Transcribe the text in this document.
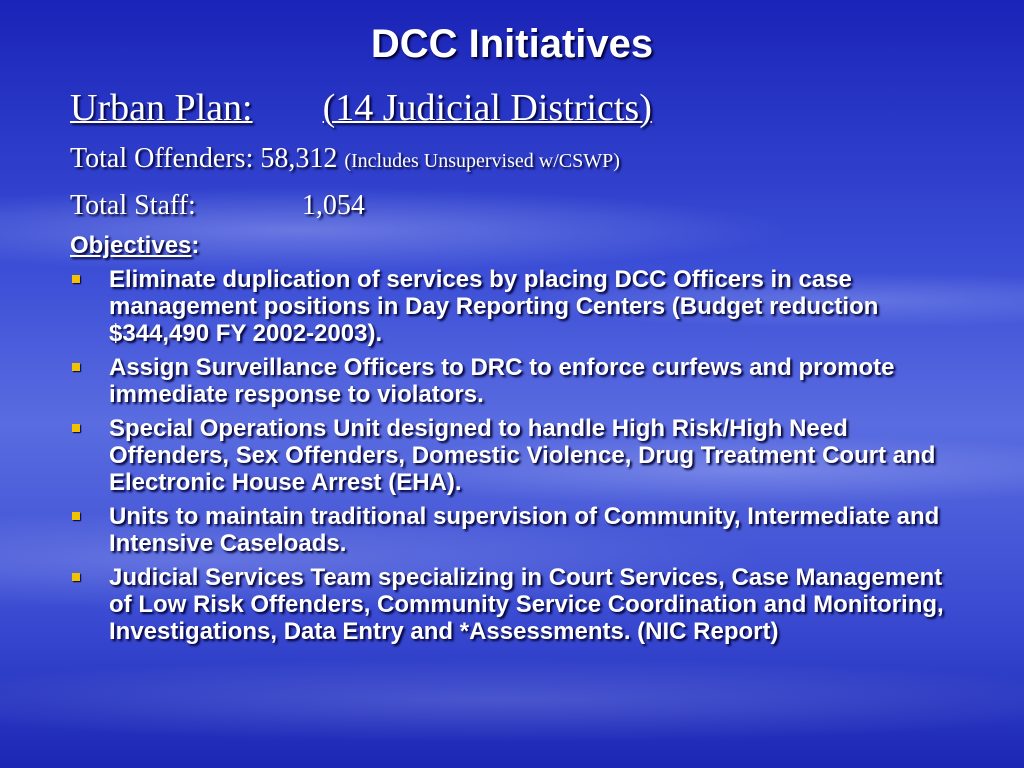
DCC Initiatives
Urban Plan: (14 Judicial Districts)
Total Offenders: 58,312 (Includes Unsupervised w/CSWP)
Total Staff:	1,054
Objectives:
Eliminate duplication of services by placing DCC Officers in case management positions in Day Reporting Centers (Budget reduction $344,490 FY 2002-2003).
Assign Surveillance Officers to DRC to enforce curfews and promote immediate response to violators.
Special Operations Unit designed to handle High Risk/High Need Offenders, Sex Offenders, Domestic Violence, Drug Treatment Court and Electronic House Arrest (EHA).
Units to maintain traditional supervision of Community, Intermediate and Intensive Caseloads.
Judicial Services Team specializing in Court Services, Case Management of Low Risk Offenders, Community Service Coordination and Monitoring, Investigations, Data Entry and *Assessments. (NIC Report)
